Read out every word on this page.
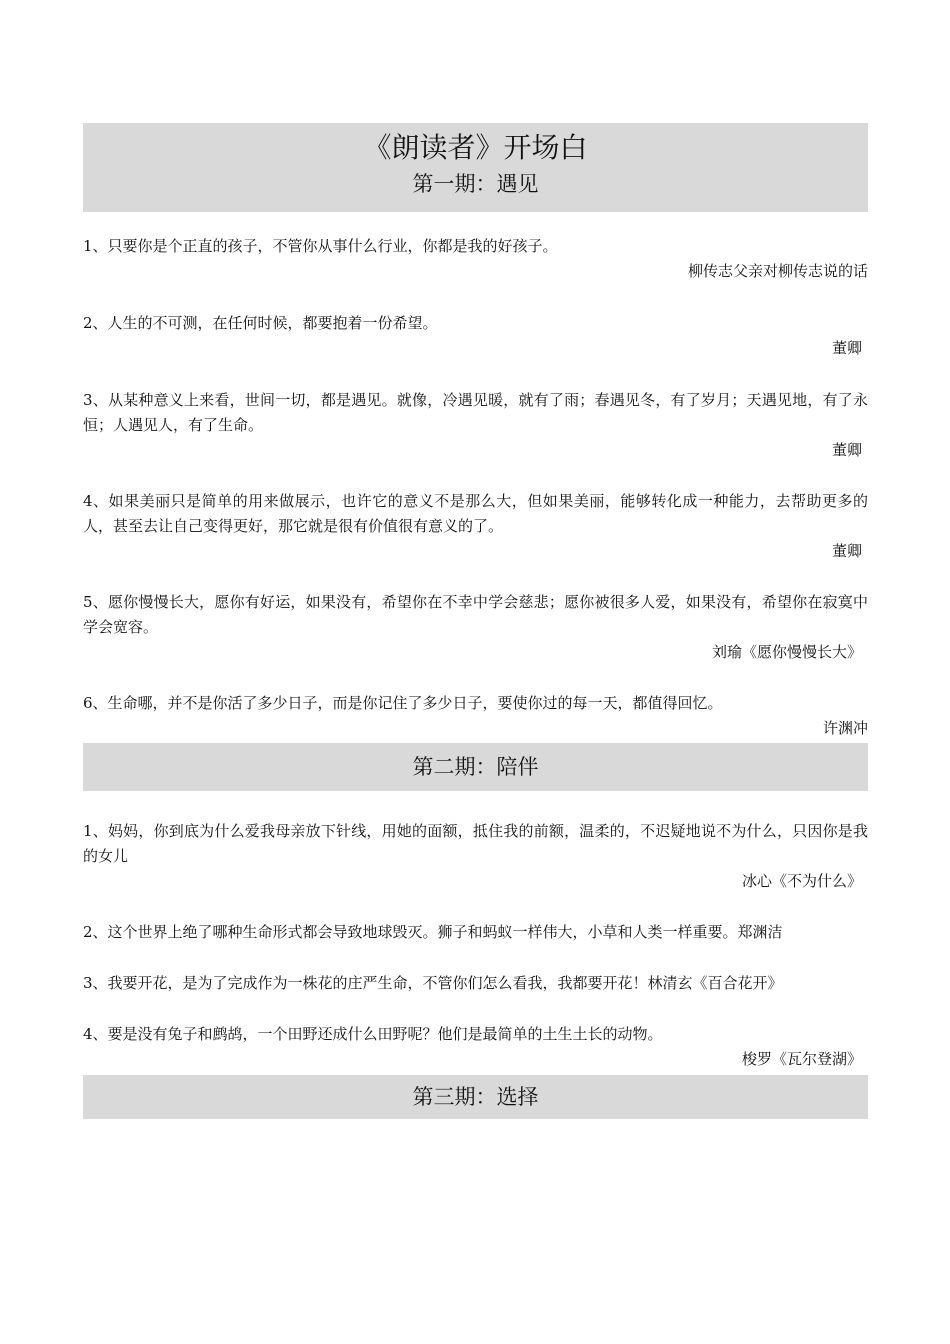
《朗读者》开场白
第一期：遇见

1、只要你是个正直的孩子，不管你从事什么行业，你都是我的好孩子。

柳传志父亲对柳传志说的话

2、人生的不可测，在任何时候，都要抱着一份希望。

董卿

3、从某种意义上来看，世间一切，都是遇见。就像，冷遇见暖，就有了雨；春遇见冬，有了岁月；天遇见地，有了永恒；人遇见人，有了生命。

董卿

4、如果美丽只是简单的用来做展示，也许它的意义不是那么大，但如果美丽，能够转化成一种能力，去帮助更多的人，甚至去让自己变得更好，那它就是很有价值很有意义的了。

董卿

5、愿你慢慢长大，愿你有好运，如果没有，希望你在不幸中学会慈悲；愿你被很多人爱，如果没有，希望你在寂寞中学会宽容。

刘瑜《愿你慢慢长大》

6、生命哪，并不是你活了多少日子，而是你记住了多少日子，要使你过的每一天，都值得回忆。

许渊冲

第二期：陪伴

1、妈妈，你到底为什么爱我母亲放下针线，用她的面额，抵住我的前额，温柔的，不迟疑地说不为什么，只因你是我的女儿

冰心《不为什么》

2、这个世界上绝了哪种生命形式都会导致地球毁灭。狮子和蚂蚁一样伟大，小草和人类一样重要。郑渊洁

3、我要开花，是为了完成作为一株花的庄严生命，不管你们怎么看我，我都要开花！林清玄《百合花开》

4、要是没有兔子和鹧鸪，一个田野还成什么田野呢？他们是最简单的土生土长的动物。

梭罗《瓦尔登湖》

第三期：选择
